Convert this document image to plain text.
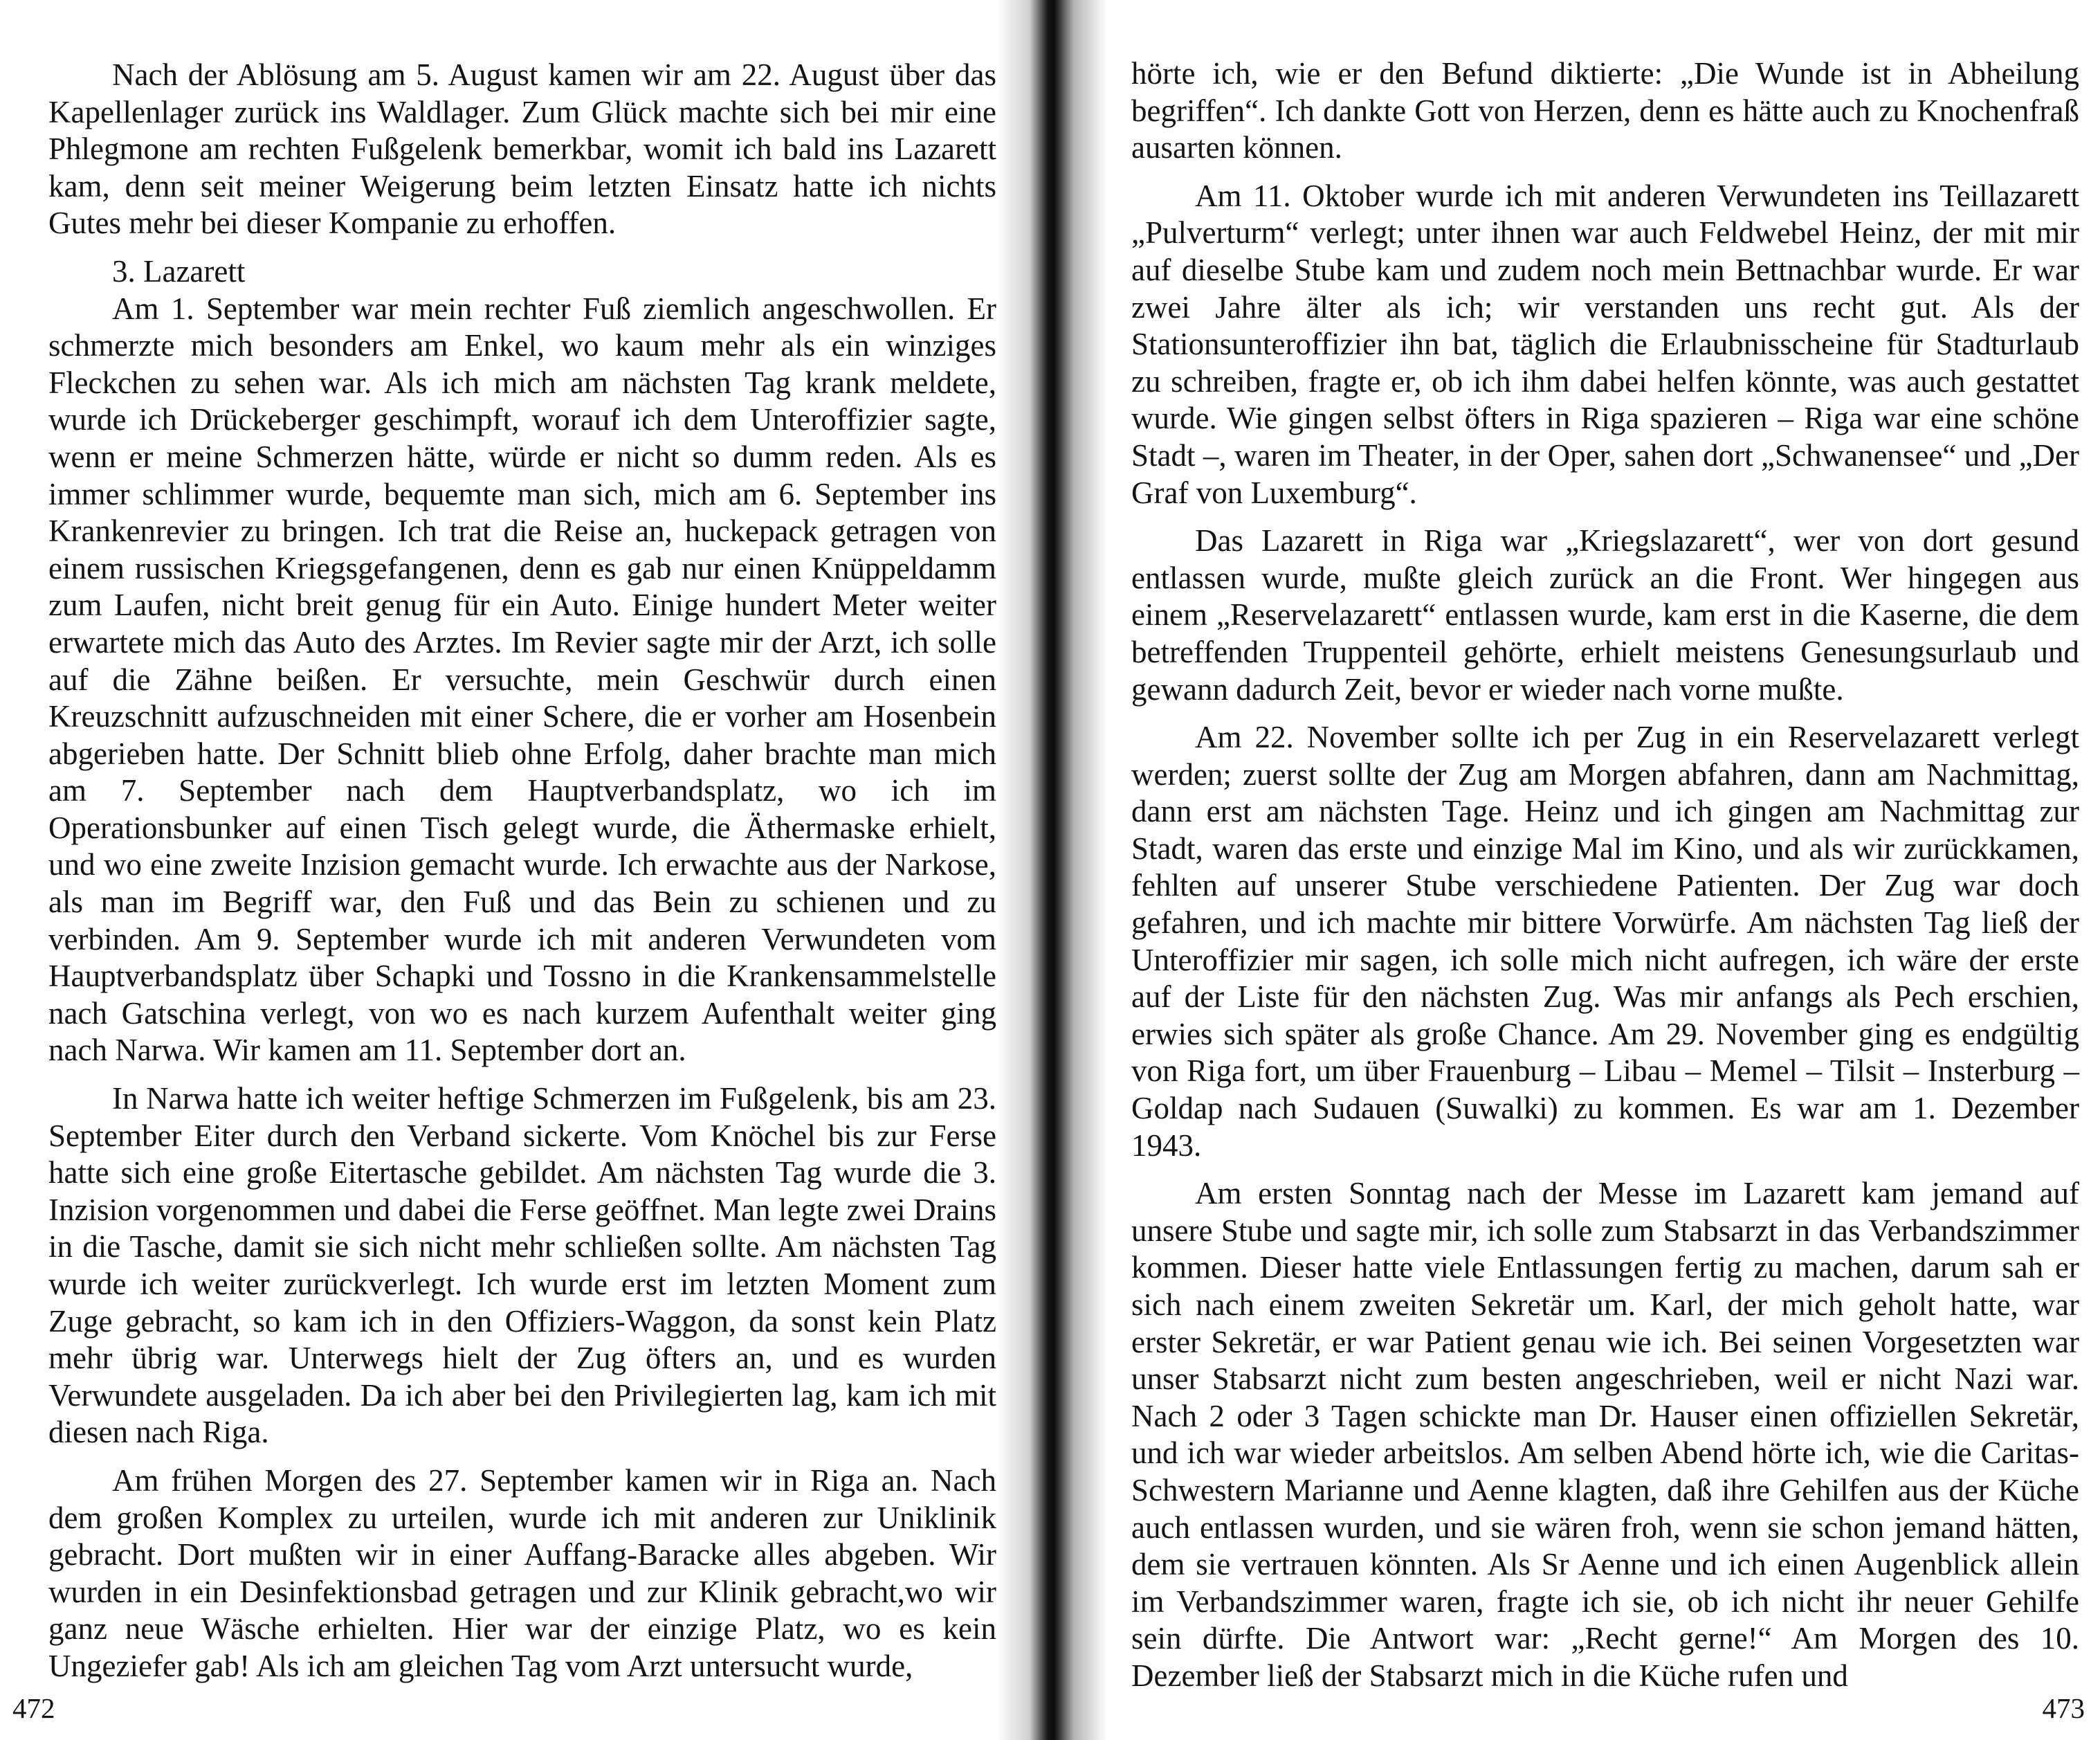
Nach der Ablösung am 5. August kamen wir am 22. August über das Kapellenlager zurück ins Waldlager. Zum Glück machte sich bei mir eine Phlegmone am rechten Fußgelenk bemerkbar, womit ich bald ins Lazarett kam, denn seit meiner Weigerung beim letzten Einsatz hatte ich nichts Gutes mehr bei dieser Kompanie zu erhoffen.

3. Lazarett

Am 1. September war mein rechter Fuß ziemlich angeschwollen. Er schmerzte mich besonders am Enkel, wo kaum mehr als ein winziges Fleckchen zu sehen war. Als ich mich am nächsten Tag krank meldete, wurde ich Drückeberger geschimpft, worauf ich dem Unteroffizier sagte, wenn er meine Schmerzen hätte, würde er nicht so dumm reden. Als es immer schlimmer wurde, bequemte man sich, mich am 6. September ins Krankenrevier zu bringen. Ich trat die Reise an, huckepack getragen von einem russischen Kriegsgefangenen, denn es gab nur einen Knüppeldamm zum Laufen, nicht breit genug für ein Auto. Einige hundert Meter weiter erwartete mich das Auto des Arztes. Im Revier sagte mir der Arzt, ich solle auf die Zähne beißen. Er versuchte, mein Geschwür durch einen Kreuzschnitt aufzuschneiden mit einer Schere, die er vorher am Hosenbein abgerieben hatte. Der Schnitt blieb ohne Erfolg, daher brachte man mich am 7. September nach dem Hauptverbandsplatz, wo ich im Operationsbunker auf einen Tisch gelegt wurde, die Äthermaske erhielt, und wo eine zweite Inzision gemacht wurde. Ich erwachte aus der Narkose, als man im Begriff war, den Fuß und das Bein zu schienen und zu verbinden. Am 9. September wurde ich mit anderen Verwundeten vom Hauptverbandsplatz über Schapki und Tossno in die Krankensammelstelle nach Gatschina verlegt, von wo es nach kurzem Aufenthalt weiter ging nach Narwa. Wir kamen am 11. September dort an.

In Narwa hatte ich weiter heftige Schmerzen im Fußgelenk, bis am 23. September Eiter durch den Verband sickerte. Vom Knöchel bis zur Ferse hatte sich eine große Eitertasche gebildet. Am nächsten Tag wurde die 3. Inzision vorgenommen und dabei die Ferse geöffnet. Man legte zwei Drains in die Tasche, damit sie sich nicht mehr schließen sollte. Am nächsten Tag wurde ich weiter zurückverlegt. Ich wurde erst im letzten Moment zum Zuge gebracht, so kam ich in den Offiziers-Waggon, da sonst kein Platz mehr übrig war. Unterwegs hielt der Zug öfters an, und es wurden Verwundete ausgeladen. Da ich aber bei den Privilegierten lag, kam ich mit diesen nach Riga.

Am frühen Morgen des 27. September kamen wir in Riga an. Nach dem großen Komplex zu urteilen, wurde ich mit anderen zur Uniklinik gebracht. Dort mußten wir in einer Auffang-Baracke alles abgeben. Wir wurden in ein Desinfektionsbad getragen und zur Klinik gebracht,wo wir ganz neue Wäsche erhielten. Hier war der einzige Platz, wo es kein Ungeziefer gab! Als ich am gleichen Tag vom Arzt untersucht wurde,

472

hörte ich, wie er den Befund diktierte: „Die Wunde ist in Abheilung begriffen“. Ich dankte Gott von Herzen, denn es hätte auch zu Knochenfraß ausarten können.

Am 11. Oktober wurde ich mit anderen Verwundeten ins Teillazarett „Pulverturm“ verlegt; unter ihnen war auch Feldwebel Heinz, der mit mir auf dieselbe Stube kam und zudem noch mein Bettnachbar wurde. Er war zwei Jahre älter als ich; wir verstanden uns recht gut. Als der Stationsunteroffizier ihn bat, täglich die Erlaubnisscheine für Stadturlaub zu schreiben, fragte er, ob ich ihm dabei helfen könnte, was auch gestattet wurde. Wie gingen selbst öfters in Riga spazieren – Riga war eine schöne Stadt –, waren im Theater, in der Oper, sahen dort „Schwanensee“ und „Der Graf von Luxemburg“.

Das Lazarett in Riga war „Kriegslazarett“, wer von dort gesund entlassen wurde, mußte gleich zurück an die Front. Wer hingegen aus einem „Reservelazarett“ entlassen wurde, kam erst in die Kaserne, die dem betreffenden Truppenteil gehörte, erhielt meistens Genesungsurlaub und gewann dadurch Zeit, bevor er wieder nach vorne mußte.

Am 22. November sollte ich per Zug in ein Reservelazarett verlegt werden; zuerst sollte der Zug am Morgen abfahren, dann am Nachmittag, dann erst am nächsten Tage. Heinz und ich gingen am Nachmittag zur Stadt, waren das erste und einzige Mal im Kino, und als wir zurückkamen, fehlten auf unserer Stube verschiedene Patienten. Der Zug war doch gefahren, und ich machte mir bittere Vorwürfe. Am nächsten Tag ließ der Unteroffizier mir sagen, ich solle mich nicht aufregen, ich wäre der erste auf der Liste für den nächsten Zug. Was mir anfangs als Pech erschien, erwies sich später als große Chance. Am 29. November ging es endgültig von Riga fort, um über Frauenburg – Libau – Memel – Tilsit – Insterburg – Goldap nach Sudauen (Suwalki) zu kommen. Es war am 1. Dezember 1943.

Am ersten Sonntag nach der Messe im Lazarett kam jemand auf unsere Stube und sagte mir, ich solle zum Stabsarzt in das Verbandszimmer kommen. Dieser hatte viele Entlassungen fertig zu machen, darum sah er sich nach einem zweiten Sekretär um. Karl, der mich geholt hatte, war erster Sekretär, er war Patient genau wie ich. Bei seinen Vorgesetzten war unser Stabsarzt nicht zum besten angeschrieben, weil er nicht Nazi war. Nach 2 oder 3 Tagen schickte man Dr. Hauser einen offiziellen Sekretär, und ich war wieder arbeitslos. Am selben Abend hörte ich, wie die Caritas-Schwestern Marianne und Aenne klagten, daß ihre Gehilfen aus der Küche auch entlassen wurden, und sie wären froh, wenn sie schon jemand hätten, dem sie vertrauen könnten. Als Sr Aenne und ich einen Augenblick allein im Verbandszimmer waren, fragte ich sie, ob ich nicht ihr neuer Gehilfe sein dürfte. Die Antwort war: „Recht gerne!“ Am Morgen des 10. Dezember ließ der Stabsarzt mich in die Küche rufen und

473
